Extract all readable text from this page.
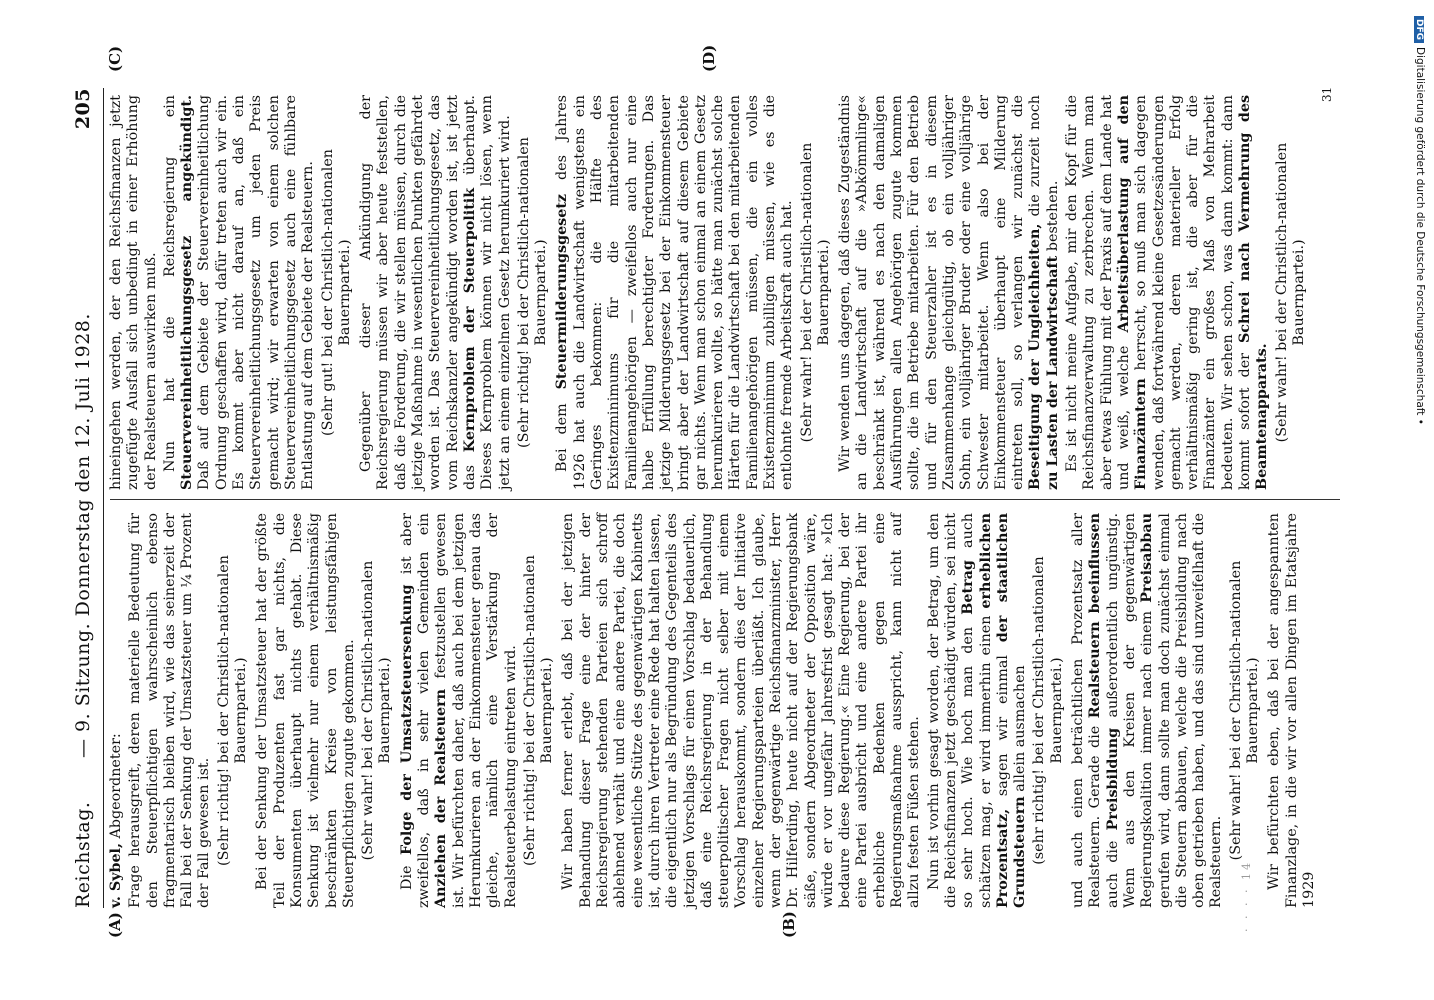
Reichstag.
— 9. Sitzung. Donnerstag den 12. Juli 1928.
205
(A)	(B)
(C)	(D)

v. Sybel, Abgeordneter: Frage herausgreift, deren materielle Bedeutung für den Steuerpflichtigen wahrscheinlich ebenso fragmentarisch bleiben wird, wie das seinerzeit der Fall bei der Senkung der Umsatzsteuer um ¼ Prozent der Fall gewesen ist. (Sehr richtig! bei der Christlich-nationalen Bauernpartei.) Bei der Senkung der Umsatzsteuer hat der größte Teil der Produzenten fast gar nichts, die Konsumenten überhaupt nichts gehabt. Diese Senkung ist vielmehr nur einem verhältnismäßig beschränkten Kreise von leistungsfähigen Steuerpflichtigen zugute gekommen. (Sehr wahr! bei der Christlich-nationalen Bauernpartei.)

Die Folge der Umsatzsteuersenkung ist aber zweifellos, daß in sehr vielen Gemeinden ein Anziehen der Realsteuern festzustellen gewesen ist. Wir befürchten daher, daß auch bei dem jetzigen Herumkurieren an der Einkommensteuer genau das gleiche, nämlich eine Verstärkung der Realsteuerbelastung eintreten wird. (Sehr richtig! bei der Christlich-nationalen Bauernpartei.) Wir haben ferner erlebt, daß bei der jetzigen Behandlung dieser Frage eine der hinter der Reichsregierung stehenden Parteien sich schroff ablehnend verhält und eine andere Partei, die doch eine wesentliche Stütze des gegenwärtigen Kabinetts ist, durch ihren Vertreter eine Rede hat halten lassen, die eigentlich nur als Begründung des Gegenteils des jetzigen Vorschlags für einen Vorschlag bedauerlich, daß eine Reichsregierung in der Behandlung steuerpolitischer Fragen nicht selber mit einem Vorschlag herauskommt, sondern dies der Initiative einzelner Regierungsparteien überläßt. Ich glaube, wenn der gegenwärtige Reichsfinanzminister, Herr Dr. Hilferding, heute nicht auf der Regierungsbank säße, sondern Abgeordneter der Opposition wäre, würde er vor ungefähr Jahresfrist gesagt hat: »Ich bedaure diese Regierung.« Eine Regierung, bei der eine Partei ausbricht und eine andere Partei ihr erhebliche Bedenken gegen eine Regierungsmaßnahme ausspricht, kann nicht auf allzu festen Füßen stehen. Nun ist vorhin gesagt worden, der Betrag, um den die Reichsfinanzen jetzt geschädigt würden, sei nicht so sehr hoch. Wie hoch man den Betrag auch schätzen mag, er wird immerhin einen erheblichen Prozentsatz, sagen wir einmal der staatlichen Grundsteuern allein ausmachen (sehr richtig! bei der Christlich-nationalen Bauernpartei.) und auch einen beträchtlichen Prozentsatz aller Realsteuern. Gerade die Realsteuern beeinflussen auch die Preisbildung außerordentlich ungünstig. Wenn aus den Kreisen der gegenwärtigen Regierungskoalition immer nach einem Preisabbau gerufen wird, dann sollte man doch zunächst einmal die Steuern abbauen, welche die Preisbildung nach oben getrieben haben, und das sind unzweifelhaft die Realsteuern.

(Sehr wahr! bei der Christlich-nationalen Bauernpartei.) Wir befürchten eben, daß bei der angespannten Finanzlage, in die wir vor allen Dingen im Etatsjahre 1929

hineingehen werden, der den Reichsfinanzen jetzt zugefügte Ausfall sich unbedingt in einer Erhöhung der Realsteuern auswirken muß. Nun hat die Reichsregierung ein Steuervereinheitlichungsgesetz angekündigt. Daß auf dem Gebiete der Steuervereinheitlichung Ordnung geschaffen wird, dafür treten auch wir ein. Es kommt aber nicht darauf an, daß ein Steuervereinheitlichungsgesetz um jeden Preis gemacht wird; wir erwarten von einem solchen Steuervereinheitlichungsgesetz auch eine fühlbare Entlastung auf dem Gebiete der Realsteuern. (Sehr gut! bei der Christlich-nationalen Bauernpartei.) Gegenüber dieser Ankündigung der Reichsregierung müssen wir aber heute feststellen, daß die Forderung, die wir stellen müssen, durch die jetzige Maßnahme in wesentlichen Punkten gefährdet worden ist. Das Steuervereinheitlichungsgesetz, das vom Reichskanzler angekündigt worden ist, ist jetzt das Kernproblem der Steuerpolitik überhaupt. Dieses Kernproblem können wir nicht lösen, wenn jetzt an einem einzelnen Gesetz herumkuriert wird. (Sehr richtig! bei der Christlich-nationalen Bauernpartei.)

Bei dem Steuermilderungsgesetz des Jahres 1926 hat auch die Landwirtschaft wenigstens ein Geringes bekommen: die Hälfte des Existenzminimums für die mitarbeitenden Familienangehörigen — zweifellos auch nur eine halbe Erfüllung berechtigter Forderungen. Das jetzige Milderungsgesetz bei der Einkommensteuer bringt aber der Landwirtschaft auf diesem Gebiete gar nichts. Wenn man schon einmal an einem Gesetz herumkurieren wollte, so hätte man zunächst solche Härten für die Landwirtschaft bei den mitarbeitenden Familienangehörigen müssen, die ein volles Existenzminimum zubilligen müssen, wie es die entlohnte fremde Arbeitskraft auch hat. (Sehr wahr! bei der Christlich-nationalen Bauernpartei.) Wir wenden uns dagegen, daß dieses Zugeständnis an die Landwirtschaft auf die »Abkömmlinge« beschränkt ist, während es nach den damaligen Ausführungen allen Angehörigen zugute kommen sollte, die im Betriebe mitarbeiten. Für den Betrieb und für den Steuerzahler ist es in diesem Zusammenhange gleichgültig, ob ein volljähriger Sohn, ein volljähriger Bruder oder eine volljährige Schwester mitarbeitet. Wenn also bei der Einkommensteuer überhaupt eine Milderung eintreten soll, so verlangen wir zunächst die Beseitigung der Ungleichheiten, die zurzeit noch zu Lasten der Landwirtschaft bestehen. Es ist nicht meine Aufgabe, mir den Kopf für die Reichsfinanzverwaltung zu zerbrechen. Wenn man aber etwas Fühlung mit der Praxis auf dem Lande hat und weiß, welche Arbeitsüberlastung auf den Finanzämtern herrscht, so muß man sich dagegen wenden, daß fortwährend kleine Gesetzesänderungen gemacht werden, deren materieller Erfolg verhältnismäßig gering ist, die aber für die Finanzämter ein großes Maß von Mehrarbeit bedeuten. Wir sehen schon, was dann kommt: dann kommt sofort der Schrei nach Vermehrung des Beamtenapparats. (Sehr wahr! bei der Christlich-nationalen Bauernpartei.)

31
· · · · 14
DFGDigitalisierung gefördert durch die Deutsche Forschungsgemeinschaft •
